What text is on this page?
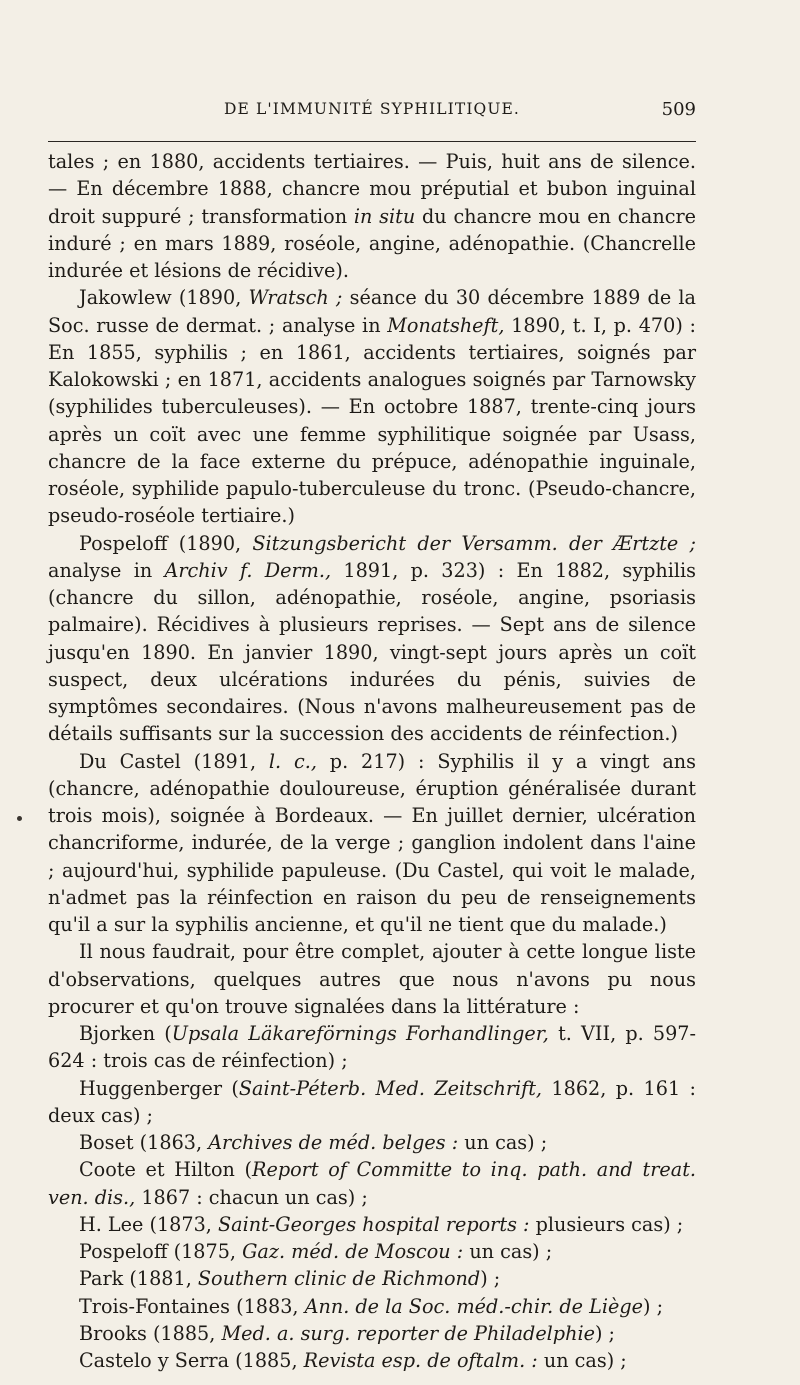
DE L'IMMUNITÉ SYPHILITIQUE.	509

tales ; en 1880, accidents tertiaires. — Puis, huit ans de silence. — En décembre 1888, chancre mou préputial et bubon inguinal droit suppuré ; transformation in situ du chancre mou en chancre induré ; en mars 1889, roséole, angine, adénopathie. (Chancrelle indurée et lésions de récidive).

Jakowlew (1890, Wratsch ; séance du 30 décembre 1889 de la Soc. russe de dermat. ; analyse in Monatsheft, 1890, t. I, p. 470) : En 1855, syphilis ; en 1861, accidents tertiaires, soignés par Kalokowski ; en 1871, accidents analogues soignés par Tarnowsky (syphilides tuberculeuses). — En octobre 1887, trente-cinq jours après un coït avec une femme syphilitique soignée par Usass, chancre de la face externe du prépuce, adénopathie inguinale, roséole, syphilide papulo-tuberculeuse du tronc. (Pseudo-chancre, pseudo-roséole tertiaire.)

Pospeloff (1890, Sitzungsbericht der Versamm. der Ærtzte ; analyse in Archiv f. Derm., 1891, p. 323) : En 1882, syphilis (chancre du sillon, adénopathie, roséole, angine, psoriasis palmaire). Récidives à plusieurs reprises. — Sept ans de silence jusqu'en 1890. En janvier 1890, vingt-sept jours après un coït suspect, deux ulcérations indurées du pénis, suivies de symptômes secondaires. (Nous n'avons malheureusement pas de détails suffisants sur la succession des accidents de réinfection.)

Du Castel (1891, l. c., p. 217) : Syphilis il y a vingt ans (chancre, adénopathie douloureuse, éruption généralisée durant trois mois), soignée à Bordeaux. — En juillet dernier, ulcération chancriforme, indurée, de la verge ; ganglion indolent dans l'aine ; aujourd'hui, syphilide papuleuse. (Du Castel, qui voit le malade, n'admet pas la réinfection en raison du peu de renseignements qu'il a sur la syphilis ancienne, et qu'il ne tient que du malade.)

Il nous faudrait, pour être complet, ajouter à cette longue liste d'observations, quelques autres que nous n'avons pu nous procurer et qu'on trouve signalées dans la littérature :

Bjorken (Upsala Läkareförnings Forhandlinger, t. VII, p. 597-624 : trois cas de réinfection) ;

Huggenberger (Saint-Péterb. Med. Zeitschrift, 1862, p. 161 : deux cas) ;

Boset (1863, Archives de méd. belges : un cas) ;

Coote et Hilton (Report of Committe to inq. path. and treat. ven. dis., 1867 : chacun un cas) ;

H. Lee (1873, Saint-Georges hospital reports : plusieurs cas) ;

Pospeloff (1875, Gaz. méd. de Moscou : un cas) ;

Park (1881, Southern clinic de Richmond) ;

Trois-Fontaines (1883, Ann. de la Soc. méd.-chir. de Liège) ;

Brooks (1885, Med. a. surg. reporter de Philadelphie) ;

Castelo y Serra (1885, Revista esp. de oftalm. : un cas) ;
